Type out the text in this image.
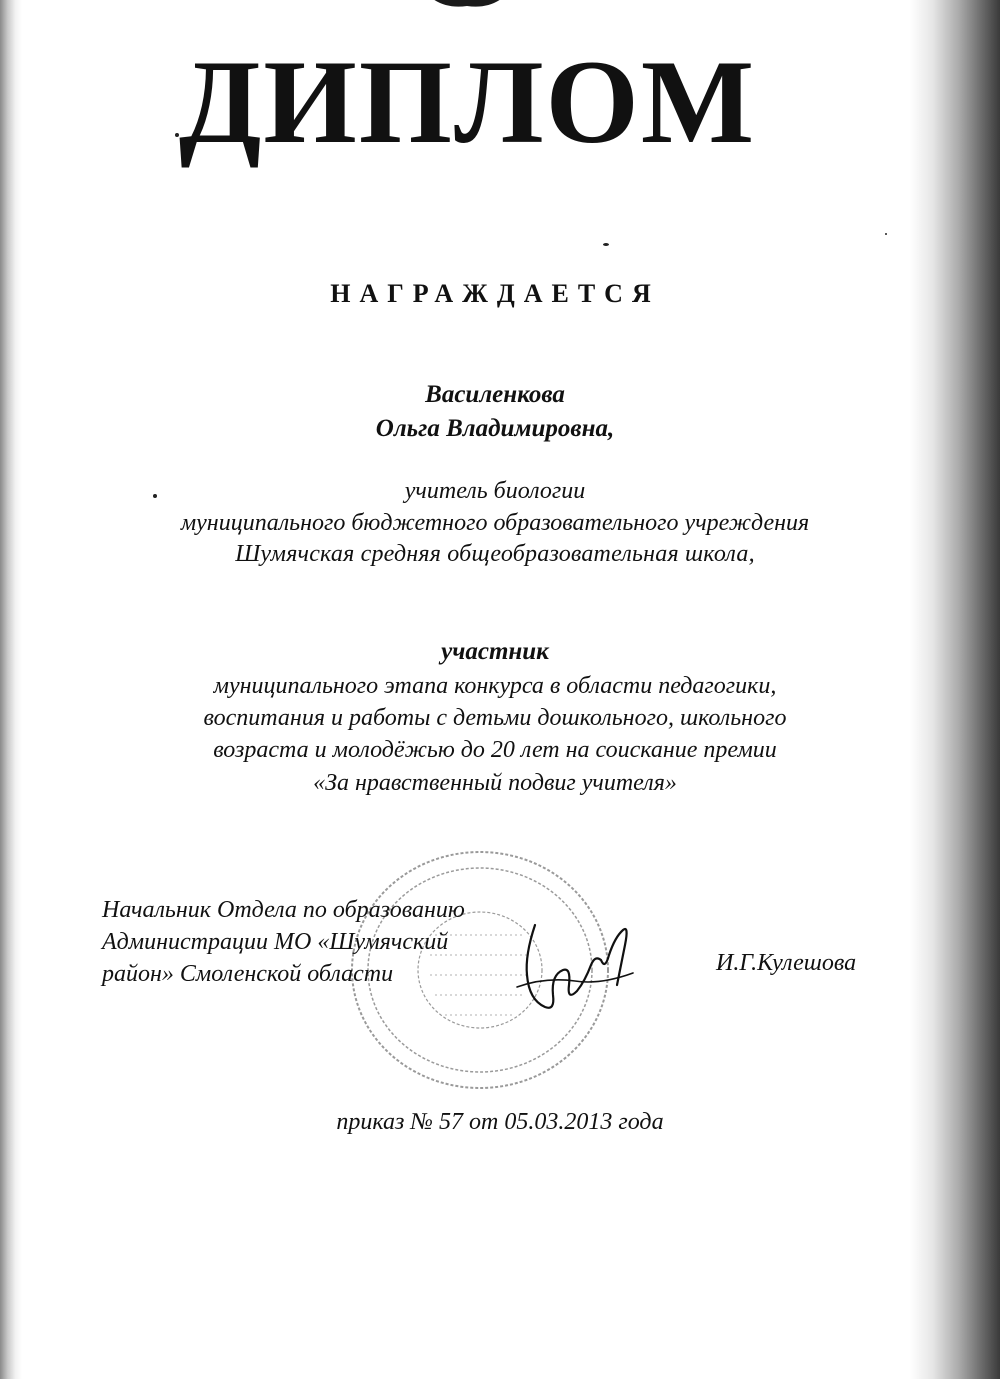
ДИПЛОМ
НАГРАЖДАЕТСЯ
Василенкова
Ольга Владимировна,
учитель биологии
муниципального бюджетного образовательного учреждения
Шумячская средняя общеобразовательная школа,
участник
муниципального этапа конкурса в области педагогики,
воспитания и работы с детьми дошкольного, школьного
возраста и молодёжью до 20 лет на соискание премии
«За нравственный подвиг учителя»
Начальник Отдела по образованию
Администрации МО «Шумячский
район» Смоленской области	И.Г.Кулешова
приказ № 57 от 05.03.2013 года
